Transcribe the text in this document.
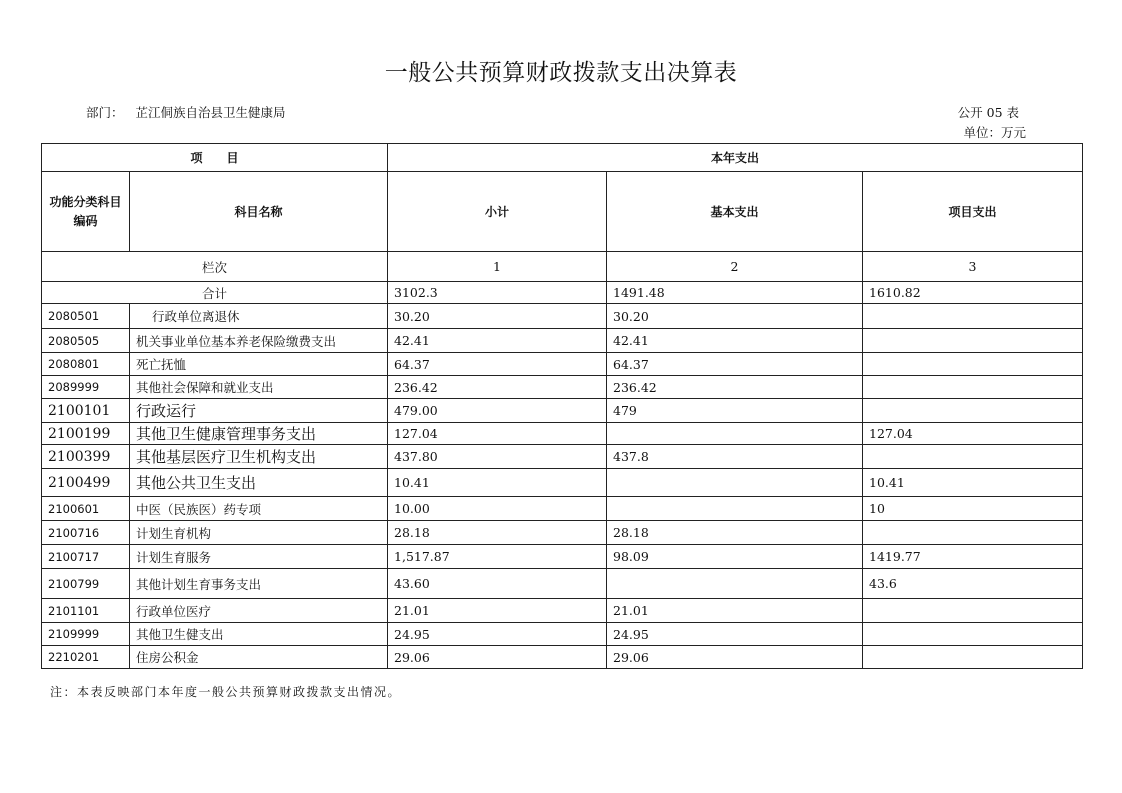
一般公共预算财政拨款支出决算表
部门： 芷江侗族自治县卫生健康局	公开 05 表
单位：万元
项　　目		本年支出		
功能分类科目编码	科目名称	小计	基本支出	项目支出
栏次		1	2	3
合计		3102.3	1491.48	1610.82
2080501	行政单位离退休	30.20	30.20	
2080505	机关事业单位基本养老保险缴费支出	42.41	42.41	
2080801	死亡抚恤	64.37	64.37	
2089999	其他社会保障和就业支出	236.42	236.42	
2100101	行政运行	479.00	479	
2100199	其他卫生健康管理事务支出	127.04		127.04
2100399	其他基层医疗卫生机构支出	437.80	437.8	
2100499	其他公共卫生支出	10.41		10.41
2100601	中医（民族医）药专项	10.00		10
2100716	计划生育机构	28.18	28.18	
2100717	计划生育服务	1,517.87	98.09	1419.77
2100799	其他计划生育事务支出	43.60		43.6
2101101	行政单位医疗	21.01	21.01	
2109999	其他卫生健支出	24.95	24.95	
2210201	住房公积金	29.06	29.06	
注：本表反映部门本年度一般公共预算财政拨款支出情况。
